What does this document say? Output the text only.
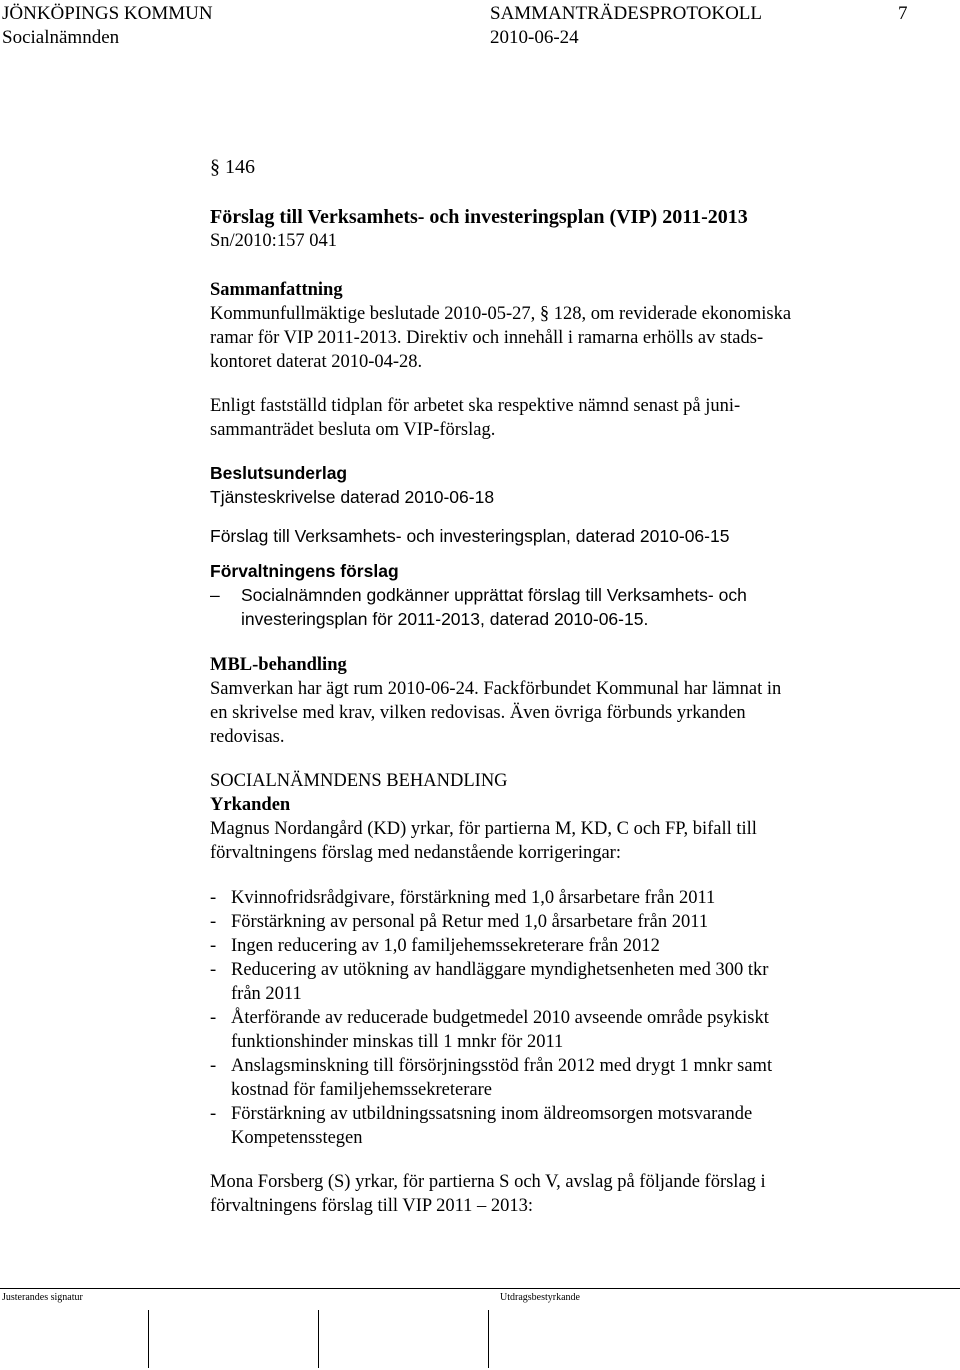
JÖNKÖPINGS KOMMUN
Socialnämnden
SAMMANTRÄDESPROTOKOLL
2010-06-24
7
§ 146
Förslag till Verksamhets- och investeringsplan (VIP) 2011-2013
Sn/2010:157 041
Sammanfattning
Kommunfullmäktige beslutade 2010-05-27, § 128, om reviderade ekonomiska
ramar för VIP 2011-2013. Direktiv och innehåll i ramarna erhölls av stads-
kontoret daterat 2010-04-28.
Enligt fastställd tidplan för arbetet ska respektive nämnd senast på juni-
sammanträdet besluta om VIP-förslag.
Beslutsunderlag
Tjänsteskrivelse daterad 2010-06-18
Förslag till Verksamhets- och investeringsplan, daterad 2010-06-15
Förvaltningens förslag
– Socialnämnden godkänner upprättat förslag till Verksamhets- och
investeringsplan för 2011-2013, daterad 2010-06-15.
MBL-behandling
Samverkan har ägt rum 2010-06-24. Fackförbundet Kommunal har lämnat in
en skrivelse med krav, vilken redovisas. Även övriga förbunds yrkanden
redovisas.
SOCIALNÄMNDENS BEHANDLING
Yrkanden
Magnus Nordangård (KD) yrkar, för partierna M, KD, C och FP, bifall till
förvaltningens förslag med nedanstående korrigeringar:
- Kvinnofridsrådgivare, förstärkning med 1,0 årsarbetare från 2011
- Förstärkning av personal på Retur med 1,0 årsarbetare från 2011
- Ingen reducering av 1,0 familjehemssekreterare från 2012
- Reducering av utökning av handläggare myndighetsenheten med 300 tkr
från 2011
- Återförande av reducerade budgetmedel 2010 avseende område psykiskt
funktionshinder minskas till 1 mnkr för 2011
- Anslagsminskning till försörjningsstöd från 2012 med drygt 1 mnkr samt
kostnad för familjehemssekreterare
- Förstärkning av utbildningssatsning inom äldreomsorgen motsvarande
Kompetensstegen
Mona Forsberg (S) yrkar, för partierna S och V, avslag på följande förslag i
förvaltningens förslag till VIP 2011 – 2013:
Justerandes signatur	Utdragsbestyrkande
